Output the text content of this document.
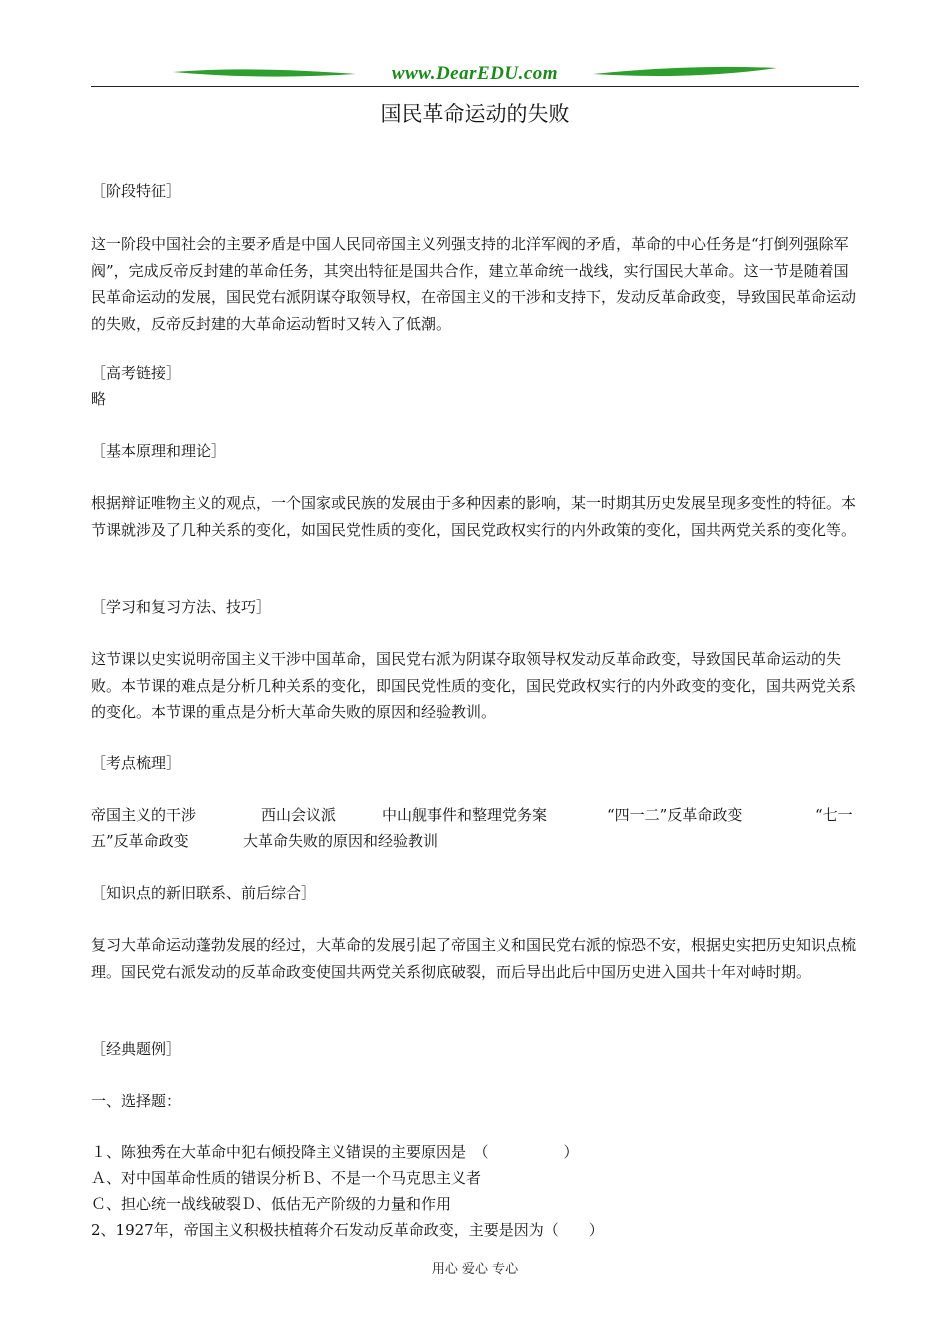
www.DearEDU.com
国民革命运动的失败
［阶段特征］

这一阶段中国社会的主要矛盾是中国人民同帝国主义列强支持的北洋军阀的矛盾，革命的中心任务是“打倒列强除军阀”，完成反帝反封建的革命任务，其突出特征是国共合作，建立革命统一战线，实行国民大革命。这一节是随着国民革命运动的发展，国民党右派阴谋夺取领导权，在帝国主义的干涉和支持下，发动反革命政变，导致国民革命运动的失败，反帝反封建的大革命运动暂时又转入了低潮。

［高考链接］
略
［基本原理和理论］

根据辩证唯物主义的观点，一个国家或民族的发展由于多种因素的影响，某一时期其历史发展呈现多变性的特征。本节课就涉及了几种关系的变化，如国民党性质的变化，国民党政权实行的内外政策的变化，国共两党关系的变化等。

［学习和复习方法、技巧］

这节课以史实说明帝国主义干涉中国革命，国民党右派为阴谋夺取领导权发动反革命政变，导致国民革命运动的失败。本节课的难点是分析几种关系的变化，即国民党性质的变化，国民党政权实行的内外政变的变化，国共两党关系的变化。本节课的重点是分析大革命失败的原因和经验教训。

［考点梳理］
帝国主义的干涉	西山会议派	中山舰事件和整理党务案	“四一二”反革命政变	“七一
五”反革命政变	大革命失败的原因和经验教训
［知识点的新旧联系、前后综合］

复习大革命运动蓬勃发展的经过，大革命的发展引起了帝国主义和国民党右派的惊恐不安，根据史实把历史知识点梳理。国民党右派发动的反革命政变使国共两党关系彻底破裂，而后导出此后中国历史进入国共十年对峙时期。

［经典题例］
一、选择题：
１、陈独秀在大革命中犯右倾投降主义错误的主要原因是　（　　　　　）
Ａ、对中国革命性质的错误分析Ｂ、不是一个马克思主义者
Ｃ、担心统一战线破裂Ｄ、低估无产阶级的力量和作用
2、1927年，帝国主义积极扶植蒋介石发动反革命政变，主要是因为（　　）
用心 爱心 专心
